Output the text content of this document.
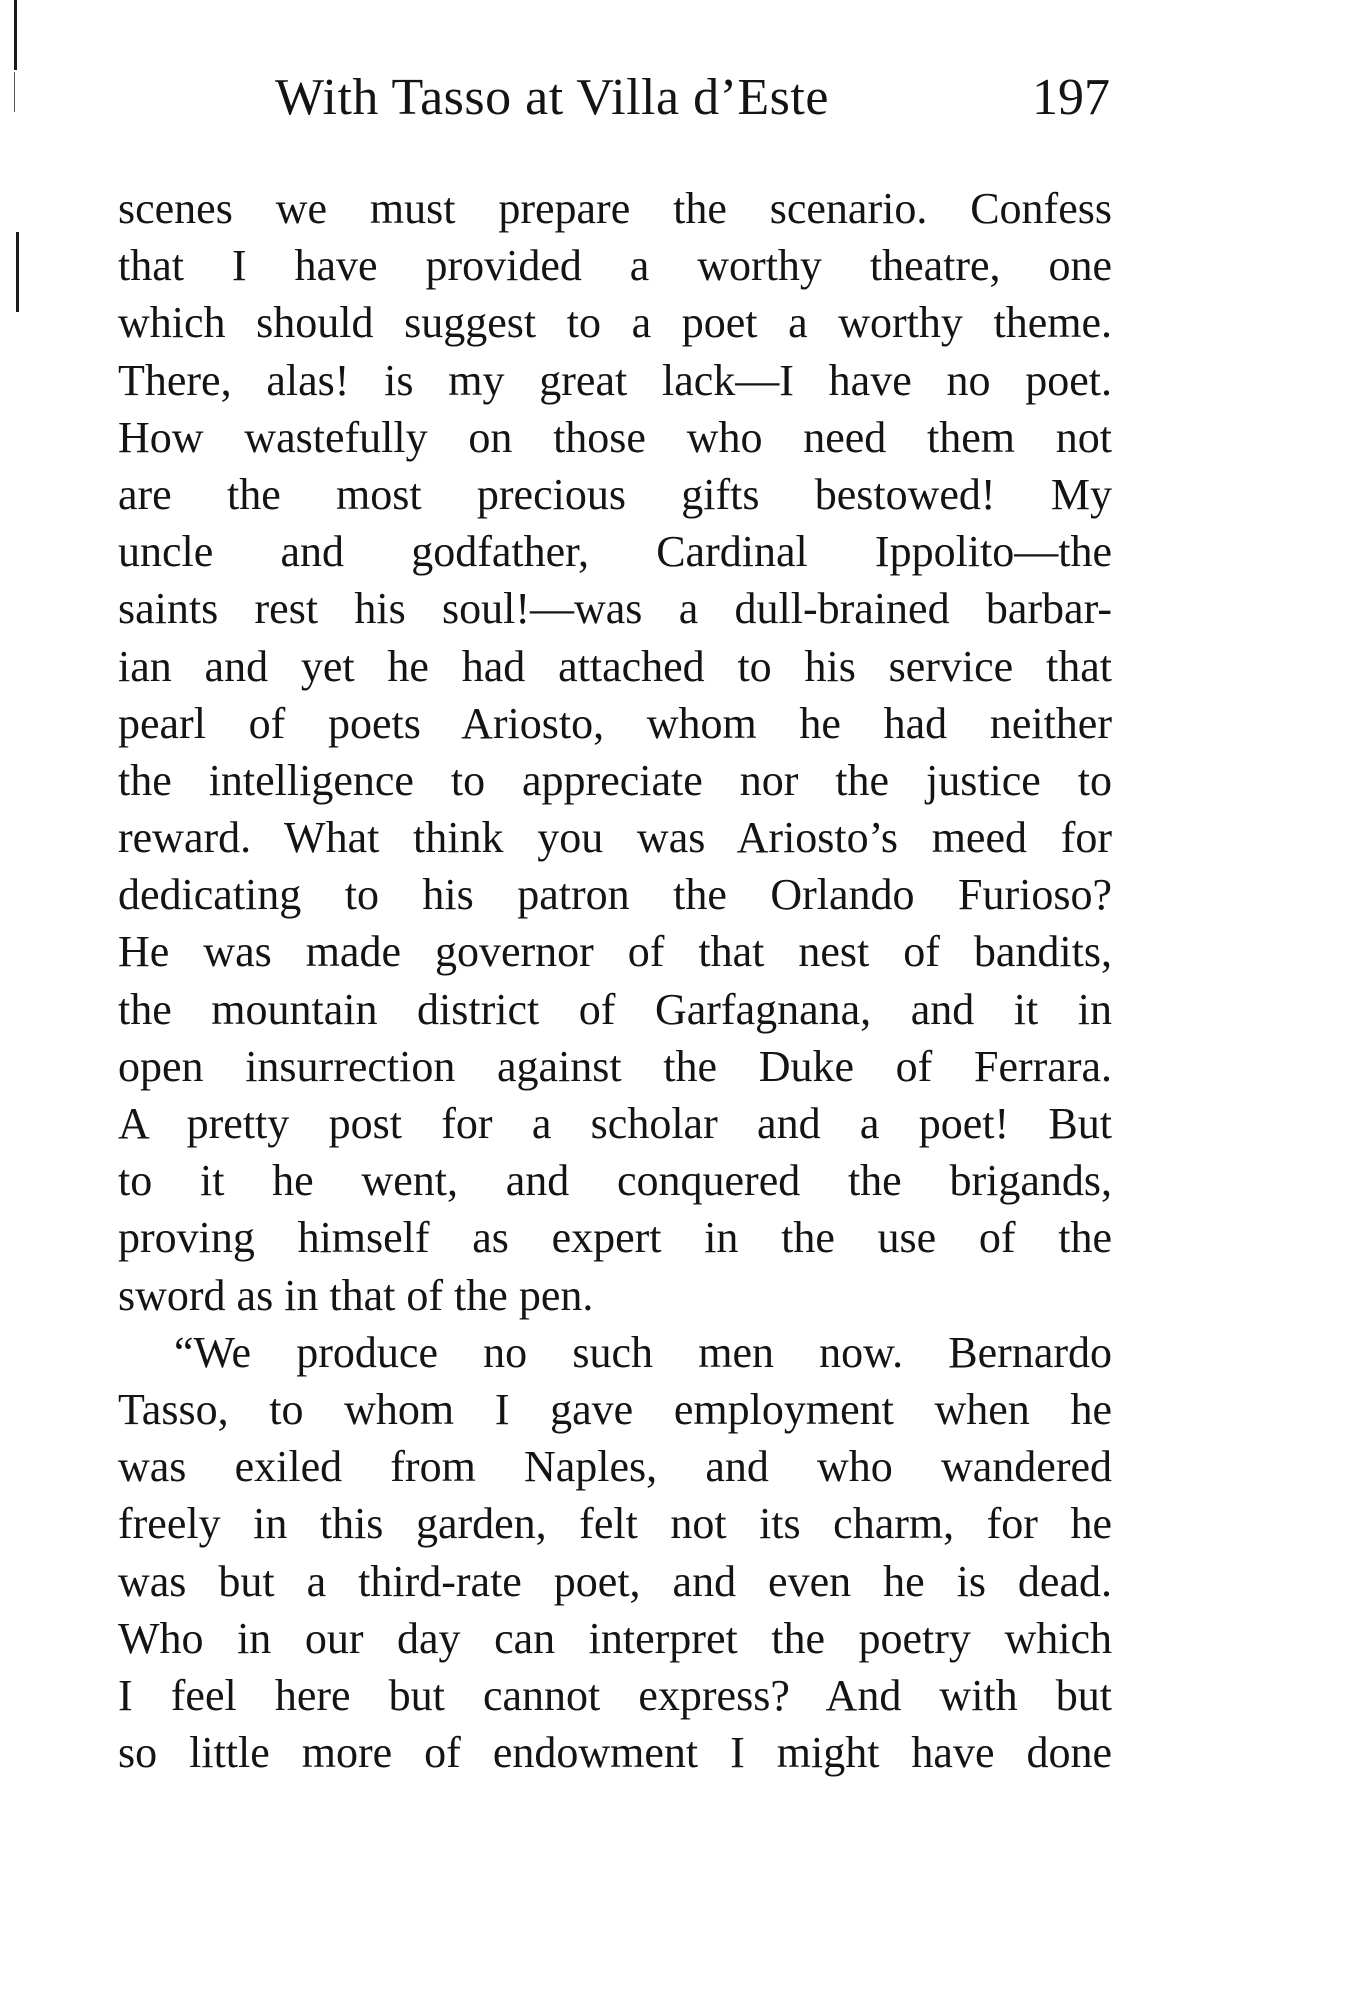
With Tasso at Villa d’Este	197
scenes we must prepare the scenario. Confess
that I have provided a worthy theatre, one
which should suggest to a poet a worthy theme.
There, alas! is my great lack—I have no poet.
How wastefully on those who need them not
are the most precious gifts bestowed! My
uncle and godfather, Cardinal Ippolito—the
saints rest his soul!—was a dull-brained barbar-
ian and yet he had attached to his service that
pearl of poets Ariosto, whom he had neither
the intelligence to appreciate nor the justice to
reward. What think you was Ariosto’s meed for
dedicating to his patron the Orlando Furioso?
He was made governor of that nest of bandits,
the mountain district of Garfagnana, and it in
open insurrection against the Duke of Ferrara.
A pretty post for a scholar and a poet! But
to it he went, and conquered the brigands,
proving himself as expert in the use of the
sword as in that of the pen.
“We produce no such men now. Bernardo
Tasso, to whom I gave employment when he
was exiled from Naples, and who wandered
freely in this garden, felt not its charm, for he
was but a third-rate poet, and even he is dead.
Who in our day can interpret the poetry which
I feel here but cannot express? And with but
so little more of endowment I might have done
